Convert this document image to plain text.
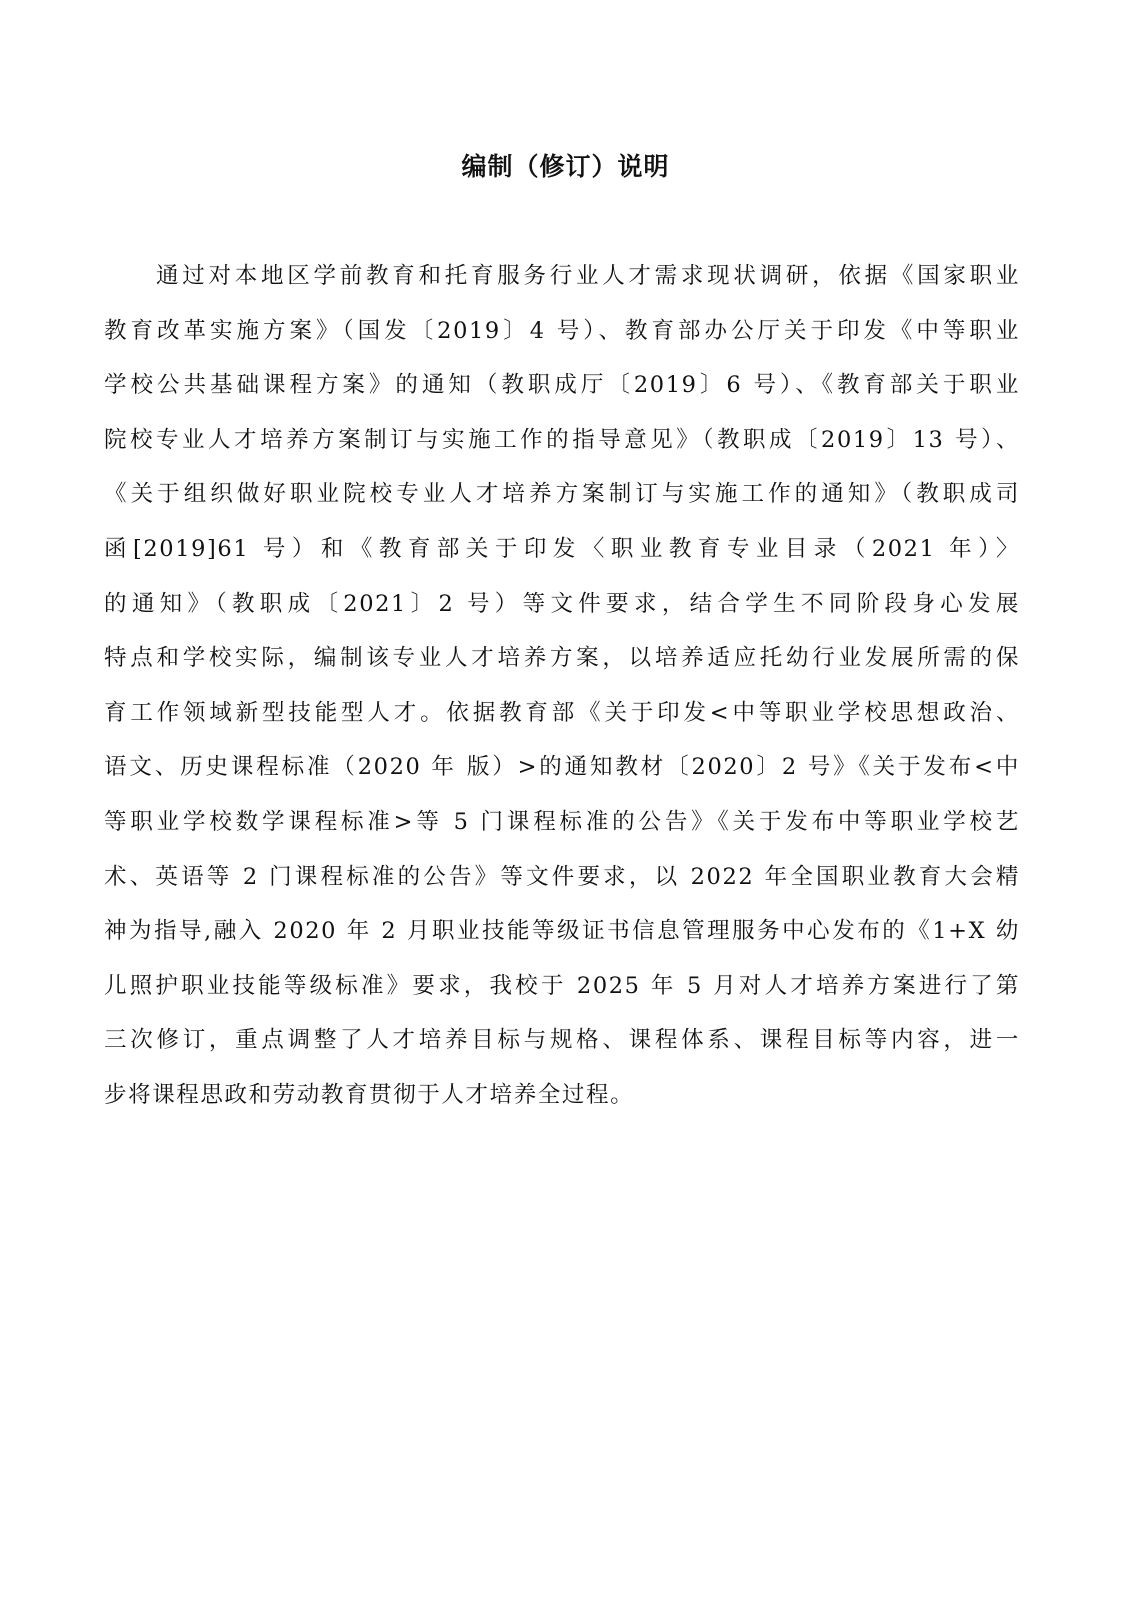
编制（修订）说明
通过对本地区学前教育和托育服务行业人才需求现状调研，依据《国家职业
教育改革实施方案》（国发〔2019〕4 号）、教育部办公厅关于印发《中等职业
学校公共基础课程方案》的通知（教职成厅〔2019〕6 号）、《教育部关于职业
院校专业人才培养方案制订与实施工作的指导意见》（教职成〔2019〕13 号）、
《关于组织做好职业院校专业人才培养方案制订与实施工作的通知》（教职成司
函[2019]61 号）和《教育部关于印发〈职业教育专业目录（2021 年）〉
的通知》（教职成〔2021〕2 号）等文件要求，结合学生不同阶段身心发展
特点和学校实际，编制该专业人才培养方案，以培养适应托幼行业发展所需的保
育工作领域新型技能型人才。依据教育部《关于印发<中等职业学校思想政治、
语文、历史课程标准（2020 年 版）>的通知教材〔2020〕2 号》《关于发布<中
等职业学校数学课程标准>等 5 门课程标准的公告》《关于发布中等职业学校艺
术、英语等 2 门课程标准的公告》等文件要求，以 2022 年全国职业教育大会精
神为指导,融入 2020 年 2 月职业技能等级证书信息管理服务中心发布的《1+X 幼
儿照护职业技能等级标准》要求，我校于 2025 年 5 月对人才培养方案进行了第
三次修订，重点调整了人才培养目标与规格、课程体系、课程目标等内容，进一
步将课程思政和劳动教育贯彻于人才培养全过程。
